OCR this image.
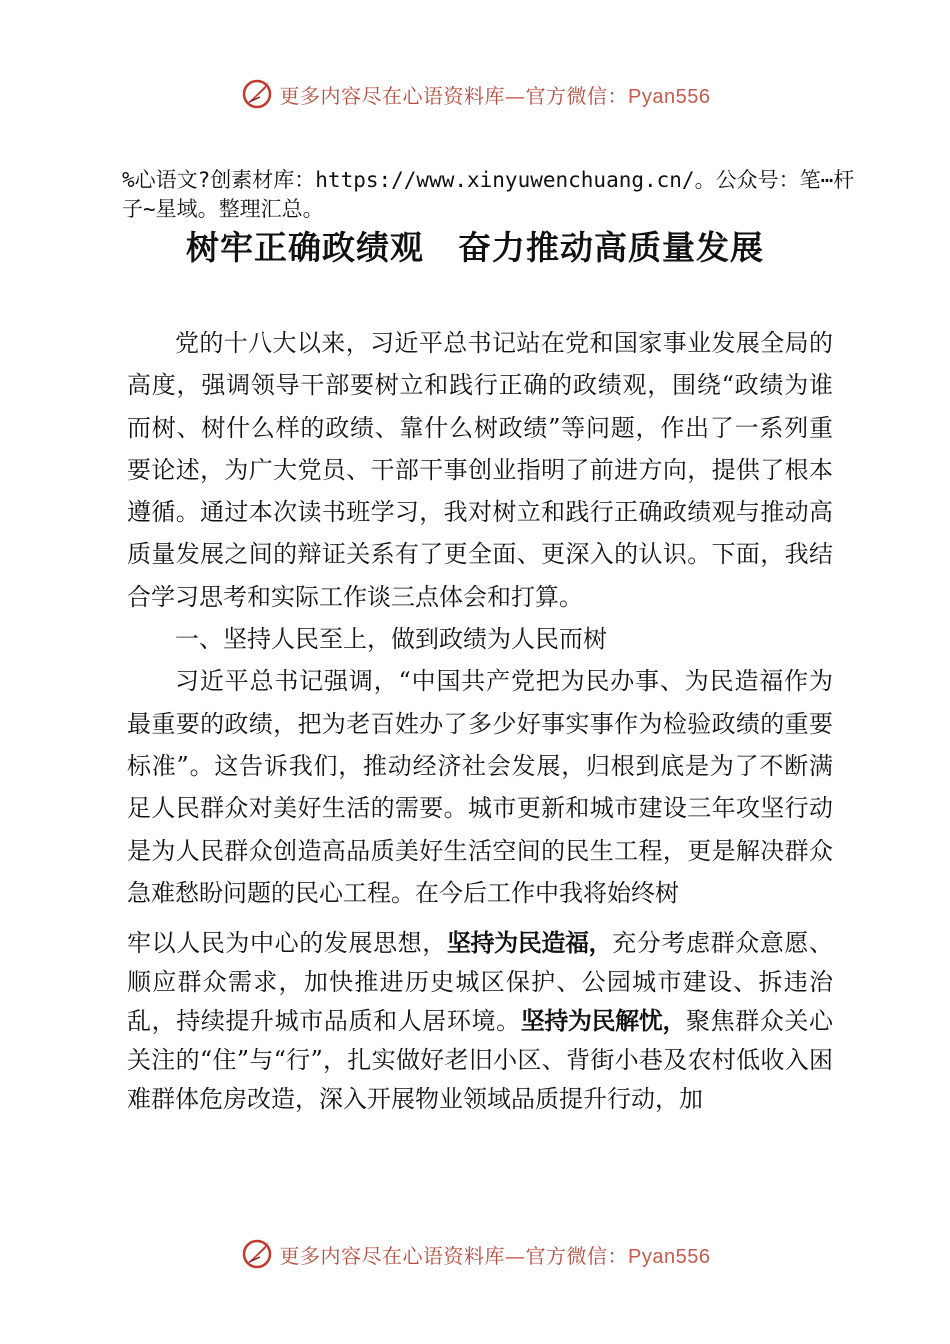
更多内容尽在心语资料库—官方微信：Pyan556
%心语文?创素材库：https://www.xinyuwenchuang.cn/。公众号：笔⋯杆子~星域。整理汇总。
树牢正确政绩观　奋力推动高质量发展

党的十八大以来，习近平总书记站在党和国家事业发展全局的高度，强调领导干部要树立和践行正确的政绩观，围绕“政绩为谁而树、树什么样的政绩、靠什么树政绩”等问题，作出了一系列重要论述，为广大党员、干部干事创业指明了前进方向，提供了根本遵循。通过本次读书班学习，我对树立和践行正确政绩观与推动高质量发展之间的辩证关系有了更全面、更深入的认识。下面，我结合学习思考和实际工作谈三点体会和打算。

一、坚持人民至上，做到政绩为人民而树

习近平总书记强调，“中国共产党把为民办事、为民造福作为最重要的政绩，把为老百姓办了多少好事实事作为检验政绩的重要标准”。这告诉我们，推动经济社会发展，归根到底是为了不断满足人民群众对美好生活的需要。城市更新和城市建设三年攻坚行动是为人民群众创造高品质美好生活空间的民生工程，更是解决群众急难愁盼问题的民心工程。在今后工作中我将始终树

牢以人民为中心的发展思想，坚持为民造福，充分考虑群众意愿、顺应群众需求，加快推进历史城区保护、公园城市建设、拆违治乱，持续提升城市品质和人居环境。坚持为民解忧，聚焦群众关心关注的“住”与“行”，扎实做好老旧小区、背街小巷及农村低收入困难群体危房改造，深入开展物业领域品质提升行动，加

更多内容尽在心语资料库—官方微信：Pyan556
